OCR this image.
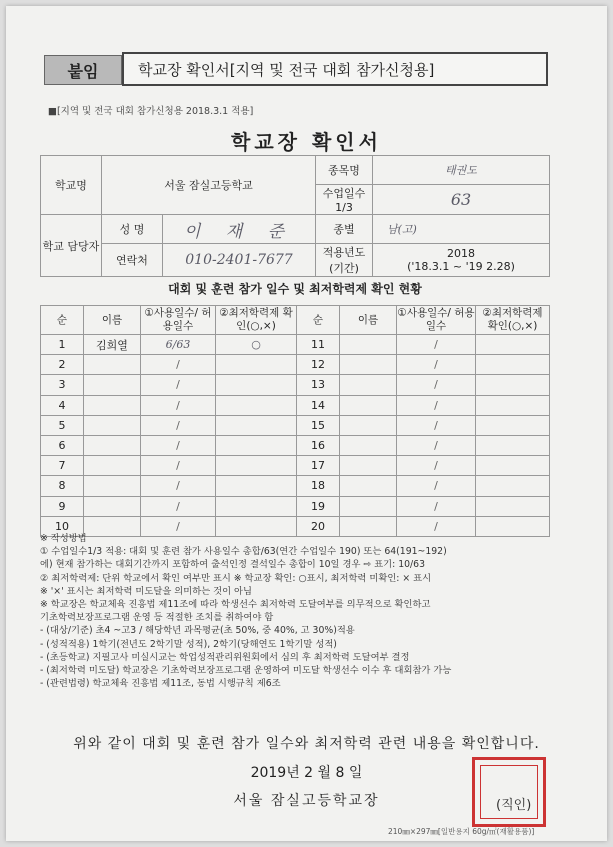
붙임	학교장 확인서[지역 및 전국 대회 참가신청용]
■[지역 및 전국 대회 참가신청용 2018.3.1 적용]
학교장 확인서
학교명	서울 잠실고등학교		종목명	태권도
			수업일수 1/3	63
학교 담당자	성 명	이 재 준	종별	남(고)
	연락처	010-2401-7677	적용년도 (기간)	2018
('18.3.1 ~ '19 2.28)
대회 및 훈련 참가 일수 및 최저학력제 확인 현황
순	이름	①사용일수/ 허용일수	②최저학력제 확인(○,×)	순	이름	①사용일수/ 허용일수	②최저학력제 확인(○,×)
1	김희열	6/63	○	11		/	
2		/		12		/	
3		/		13		/	
4		/		14		/	
5		/		15		/	
6		/		16		/	
7		/		17		/	
8		/		18		/	
9		/		19		/	
10		/		20		/	
※ 작성방법
① 수업일수1/3 적용: 대회 및 훈련 참가 사용일수 총합/63(연간 수업일수 190) 또는 64(191~192)
에) 현재 참가하는 대회기간까지 포함하여 출석인정 결석일수 총합이 10일 경우 ⇨ 표기: 10/63
② 최저학력제: 단위 학교에서 확인 여부만 표시 ※ 학교장 확인: ○표시, 최저학력 미확인: × 표시
※ '×' 표시는 최저학력 미도달을 의미하는 것이 아님
※ 학교장은 학교체육 진흥법 제11조에 따라 학생선수 최저학력 도달여부를 의무적으로 확인하고
기초학력보장프로그램 운영 등 적절한 조치를 취하여야 함
- (대상/기준) 초4 ~고3 / 해당학년 과목평균(초 50%, 중 40%, 고 30%)적용
- (성적적용) 1학기(전년도 2학기말 성적), 2학기(당해연도 1학기말 성적)
- (초등학교) 지필고사 미실시교는 학업성적관리위원회에서 심의 후 최저학력 도달여부 결정
- (최저학력 미도달) 학교장은 기초학력보장프로그램 운영하여 미도달 학생선수 이수 후 대회참가 가능
- (관련법령) 학교체육 진흥법 제11조, 동법 시행규칙 제6조
위와 같이 대회 및 훈련 참가 일수와 최저학력 관련 내용을 확인합니다.
2019년 2 월 8 일
서울 잠실고등학교장	(직인)
210㎜×297㎜[일반용지 60g/㎡(재활용품)]
